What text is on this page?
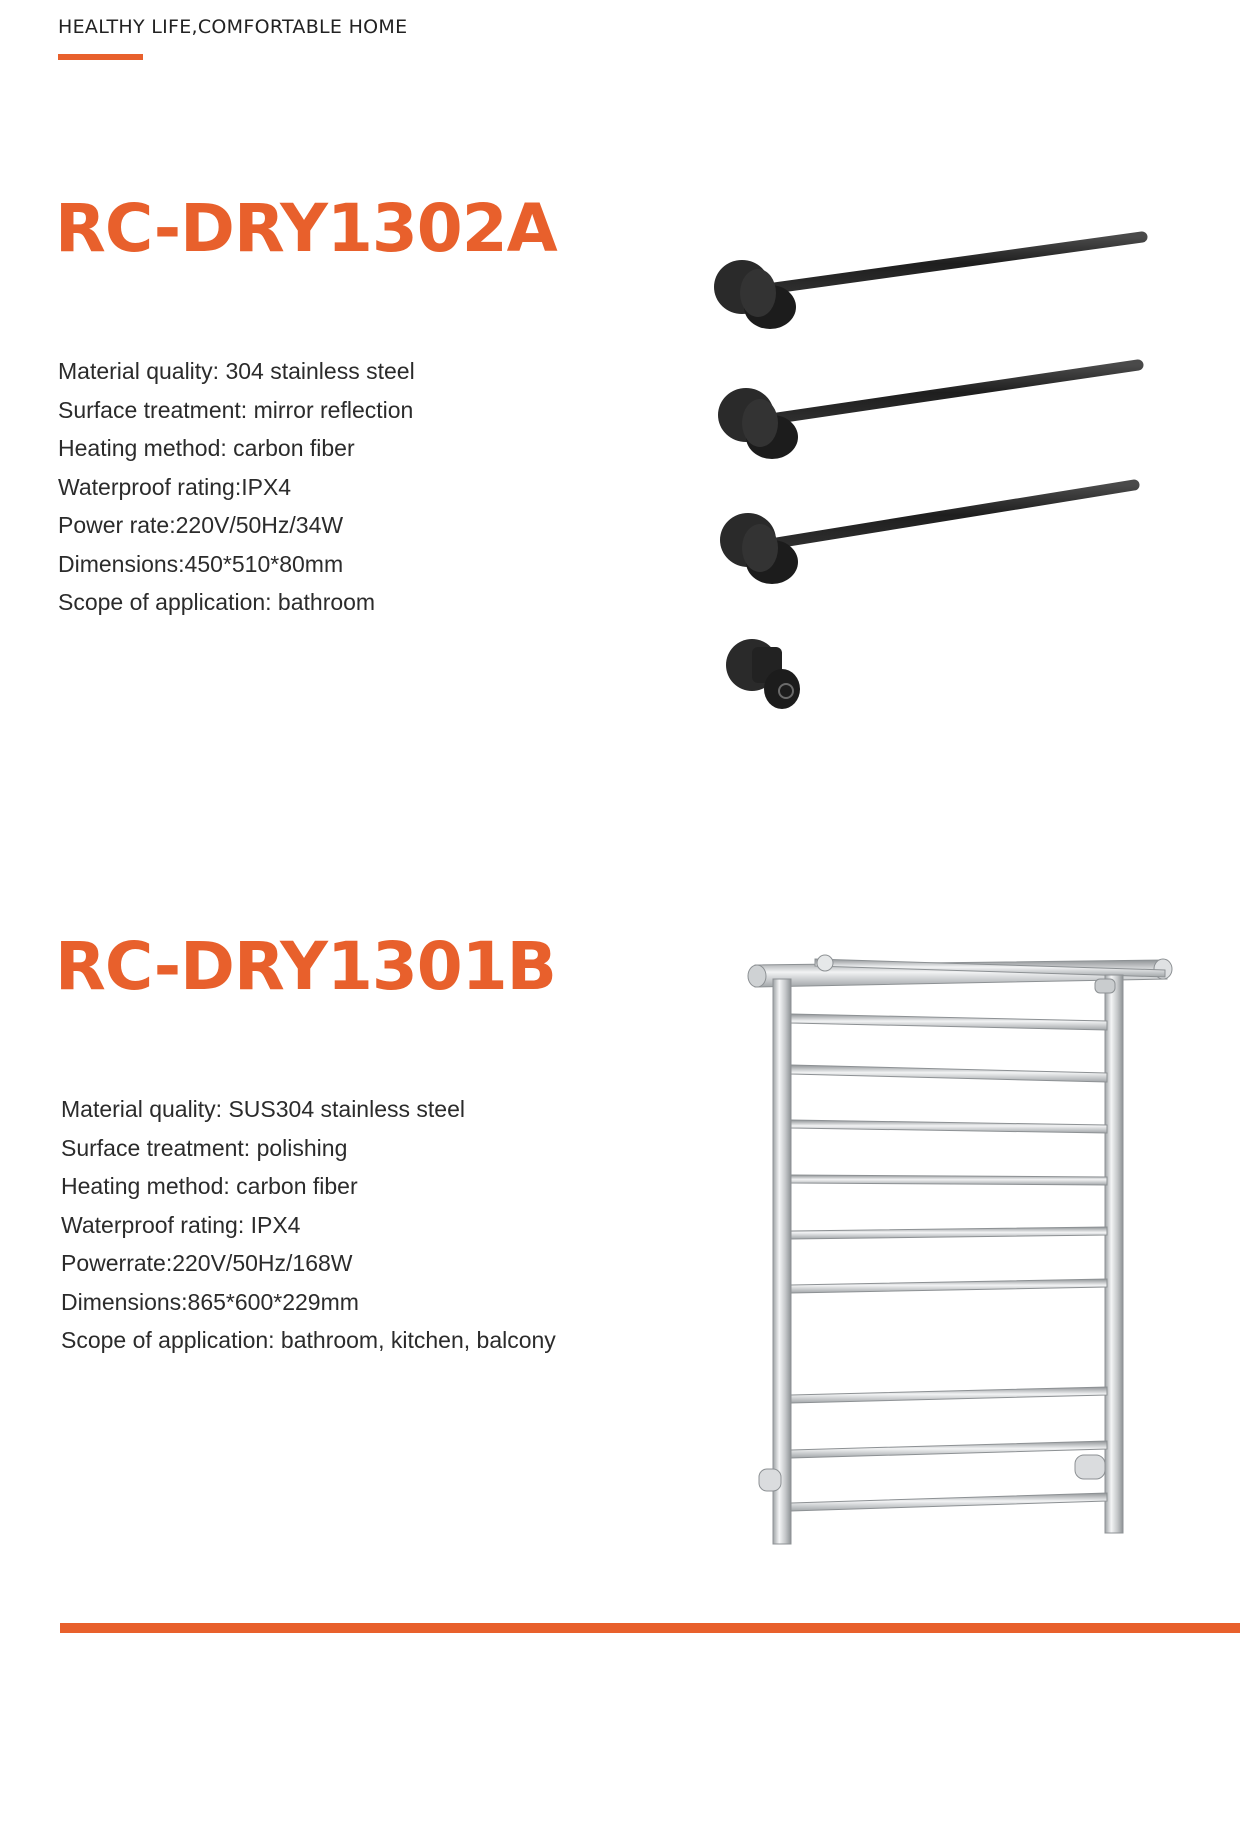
HEALTHY LIFE,COMFORTABLE HOME
RC-DRY1302A
Material quality: 304 stainless steel
Surface treatment: mirror reflection
Heating method: carbon fiber
Waterproof rating:IPX4
Power rate:220V/50Hz/34W
Dimensions:450*510*80mm
Scope of application: bathroom
RC-DRY1301B
Material quality: SUS304 stainless steel
Surface treatment: polishing
Heating method: carbon fiber
Waterproof rating: IPX4
Powerrate:220V/50Hz/168W
Dimensions:865*600*229mm
Scope of application: bathroom, kitchen, balcony
